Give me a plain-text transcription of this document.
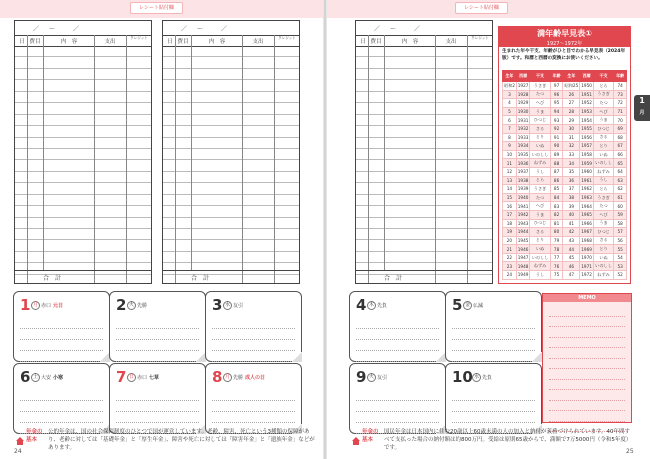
レシート貼付欄	レシート貼付欄
／ ～	／
日 費目	内　容	支出
クレジット
合　計
／ ～	／
日 費目	内　容	支出
クレジット
合　計
／ ～	／
日 費目	内　容	支出
クレジット
合　計
1 月 赤口 元日	2 火 先勝	3 水 友引
6 土 大安 小寒	7 日 赤口 七草	8 月 先勝 成人の日
4 木 先負	5 金 仏滅
9 火 友引	10 水 先負
満年齢早見表①
1927～1972年
生まれた年や干支、年齢がひと目でわかる早見表（2024年版）です。和暦と西暦の変換にお使いください。
生年	西暦	干支	年齢	生年	西暦	干支	年齢
昭和2	1927	うさぎ	97	昭和25	1950	とら	74
3	1928	たつ	96	26	1951	うさぎ	73
4	1929	へび	95	27	1952	たつ	72
5	1930	うま	94	28	1953	へび	71
6	1931	ひつじ	93	29	1954	うま	70
7	1932	さる	92	30	1955	ひつじ	69
8	1933	とり	91	31	1956	さる	68
9	1934	いぬ	90	32	1957	とり	67
10	1935	いのしし	89	33	1958	いぬ	66
11	1936	ねずみ	88	34	1959	いのしし	65
12	1937	うし	87	35	1960	ねずみ	64
13	1938	とら	86	36	1961	うし	63
14	1939	うさぎ	85	37	1962	とら	62
15	1940	たつ	84	38	1963	うさぎ	61
16	1941	へび	83	39	1964	たつ	60
17	1942	うま	82	40	1965	へび	59
18	1943	ひつじ	81	41	1966	うま	58
19	1944	さる	80	42	1967	ひつじ	57
20	1945	とり	79	43	1968	さる	56
21	1946	いぬ	78	44	1969	とり	55
22	1947	いのしし	77	45	1970	いぬ	54
23	1948	ねずみ	76	46	1971	いのしし	53
24	1949	うし	75	47	1972	ねずみ	52
1
月
MEMO
年金の基本
公的年金は、国の社会保障制度のひとつで国が運営しています。老齢、障害、死亡という3種類の保障があり、老齢に対しては「基礎年金」と「厚生年金」、障害や死亡に対しては「障害年金」と「遺族年金」などがあります。
年金の基本
国民年金は日本国内に住む20歳以上60歳未満の人の加入と納付が義務づけられています。40年間すべて支払った場合の納付額は約800万円。受給は原則65歳からで、満額で7万5000円（令和5年度）です。
24	25
